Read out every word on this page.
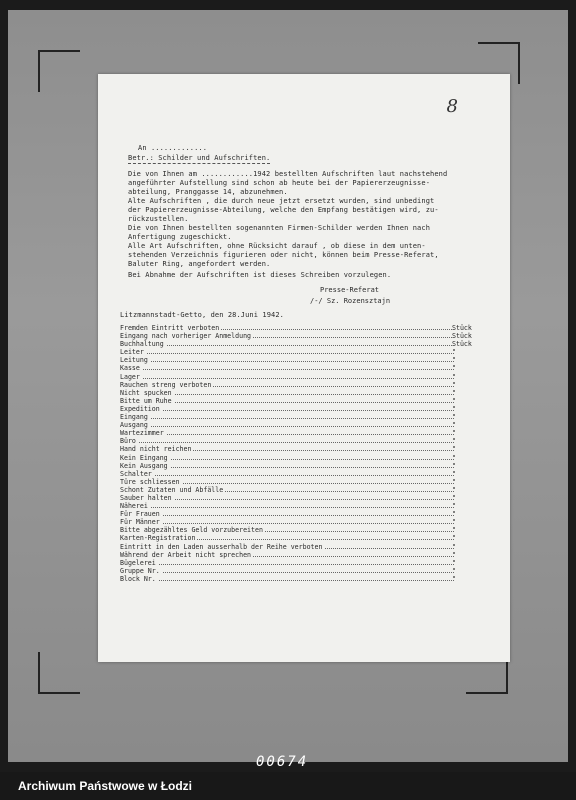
8
An .............
Betr.: Schilder und Aufschriften.
Die von Ihnen am ............1942 bestellten Aufschriften laut nachstehend
angeführter Aufstellung sind schon ab heute bei der Papiererzeugnisse-
abteilung, Pranggasse 14, abzunehmen.
Alte Aufschriften , die durch neue jetzt ersetzt wurden, sind unbedingt
der Papiererzeugnisse-Abteilung, welche den Empfang bestätigen wird, zu-
rückzustellen.
Die von Ihnen bestellten sogenannten Firmen-Schilder werden Ihnen nach
Anfertigung zugeschickt.
Alle Art Aufschriften, ohne Rücksicht darauf , ob diese in dem unten-
stehenden Verzeichnis figurieren oder nicht, können beim Presse-Referat,
Baluter Ring, angefordert werden.
Bei Abnahme der Aufschriften ist dieses Schreiben vorzulegen.
Presse-Referat
/-/ Sz. Rozensztajn
Litzmannstadt-Getto, den 28.Juni 1942.
Fremden Eintritt verboten	Stück
Eingang nach vorheriger Anmeldung	Stück
Buchhaltung	Stück
Leiter	"
Leitung	"
Kasse	"
Lager	"
Rauchen streng verboten	"
Nicht spucken	"
Bitte um Ruhe	"
Expedition	"
Eingang	"
Ausgang	"
Wartezimmer	"
Büro	"
Hand nicht reichen	"
Kein Eingang	"
Kein Ausgang	"
Schalter	"
Türe schliessen	"
Schont Zutaten und Abfälle	"
Sauber halten	"
Näherei	"
Für Frauen	"
Für Männer	"
Bitte abgezähltes Geld vorzubereiten	"
Karten-Registration	"
Eintritt in den Laden ausserhalb der Reihe verboten	"
Während der Arbeit nicht sprechen	"
Bügelerei	"
Gruppe Nr.	"
Block Nr.	"
00674
Archiwum Państwowe w Łodzi
